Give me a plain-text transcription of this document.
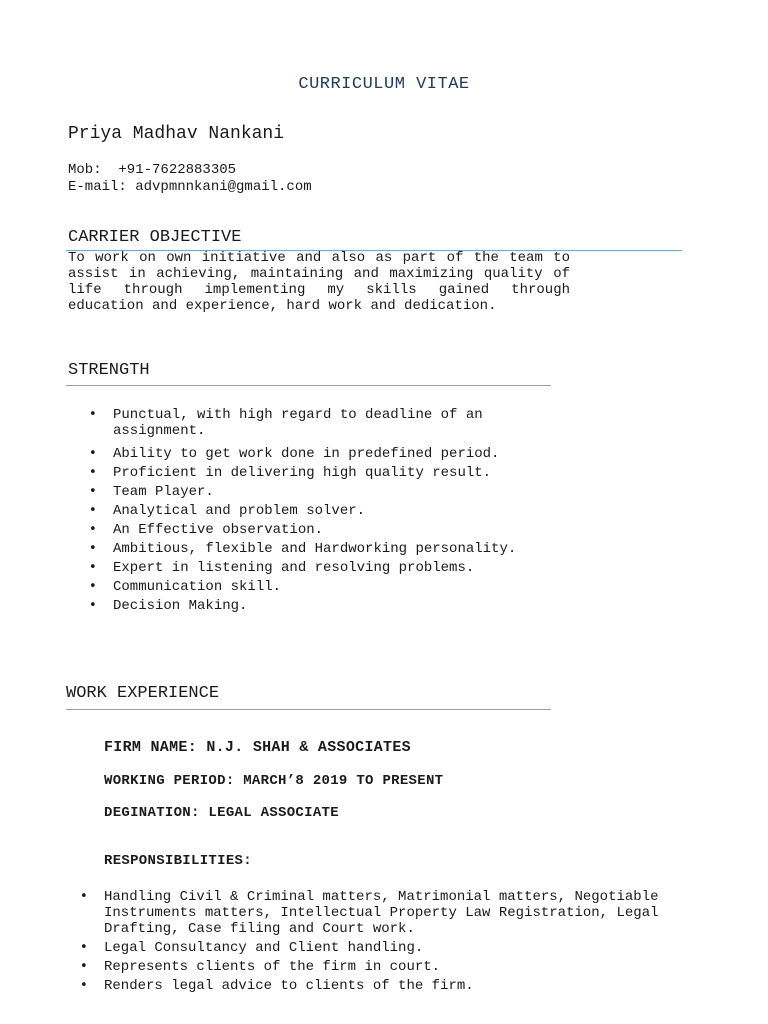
CURRICULUM VITAE
Priya Madhav Nankani
Mob:  +91-7622883305
E-mail: advpmnnkani@gmail.com
CARRIER OBJECTIVE
To work on own initiative and also as part of the team to assist in achieving, maintaining and maximizing quality of life through implementing my skills gained through education and experience, hard work and dedication.
STRENGTH
• Punctual, with high regard to deadline of an assignment.
• Ability to get work done in predefined period.
• Proficient in delivering high quality result.
• Team Player.
• Analytical and problem solver.
• An Effective observation.
• Ambitious, flexible and Hardworking personality.
• Expert in listening and resolving problems.
• Communication skill.
• Decision Making.
WORK EXPERIENCE
FIRM NAME: N.J. SHAH & ASSOCIATES
WORKING PERIOD: MARCH’8 2019 TO PRESENT
DEGINATION: LEGAL ASSOCIATE
RESPONSIBILITIES:
• Handling Civil & Criminal matters, Matrimonial matters, Negotiable Instruments matters, Intellectual Property Law Registration, Legal Drafting, Case filing and Court work.
• Legal Consultancy and Client handling.
• Represents clients of the firm in court.
• Renders legal advice to clients of the firm.
